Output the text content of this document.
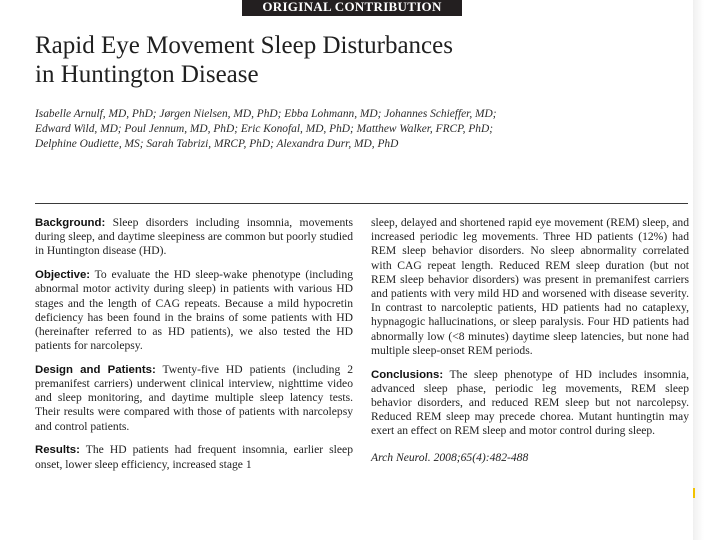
ORIGINAL CONTRIBUTION
Rapid Eye Movement Sleep Disturbances
in Huntington Disease

Isabelle Arnulf, MD, PhD; Jørgen Nielsen, MD, PhD; Ebba Lohmann, MD; Johannes Schieffer, MD;
Edward Wild, MD; Poul Jennum, MD, PhD; Eric Konofal, MD, PhD; Matthew Walker, FRCP, PhD;
Delphine Oudiette, MS; Sarah Tabrizi, MRCP, PhD; Alexandra Durr, MD, PhD

Background: Sleep disorders including insomnia, movements during sleep, and daytime sleepiness are common but poorly studied in Huntington disease (HD).

Objective: To evaluate the HD sleep-wake phenotype (including abnormal motor activity during sleep) in patients with various HD stages and the length of CAG repeats. Because a mild hypocretin deficiency has been found in the brains of some patients with HD (hereinafter referred to as HD patients), we also tested the HD patients for narcolepsy.

Design and Patients: Twenty-five HD patients (including 2 premanifest carriers) underwent clinical interview, nighttime video and sleep monitoring, and daytime multiple sleep latency tests. Their results were compared with those of patients with narcolepsy and control patients.

Results: The HD patients had frequent insomnia, earlier sleep onset, lower sleep efficiency, increased stage 1

sleep, delayed and shortened rapid eye movement (REM) sleep, and increased periodic leg movements. Three HD patients (12%) had REM sleep behavior disorders. No sleep abnormality correlated with CAG repeat length. Reduced REM sleep duration (but not REM sleep behavior disorders) was present in premanifest carriers and patients with very mild HD and worsened with disease severity. In contrast to narcoleptic patients, HD patients had no cataplexy, hypnagogic hallucinations, or sleep paralysis. Four HD patients had abnormally low (<8 minutes) daytime sleep latencies, but none had multiple sleep-onset REM periods.

Conclusions: The sleep phenotype of HD includes insomnia, advanced sleep phase, periodic leg movements, REM sleep behavior disorders, and reduced REM sleep but not narcolepsy. Reduced REM sleep may precede chorea. Mutant huntingtin may exert an effect on REM sleep and motor control during sleep.

Arch Neurol. 2008;65(4):482-488
